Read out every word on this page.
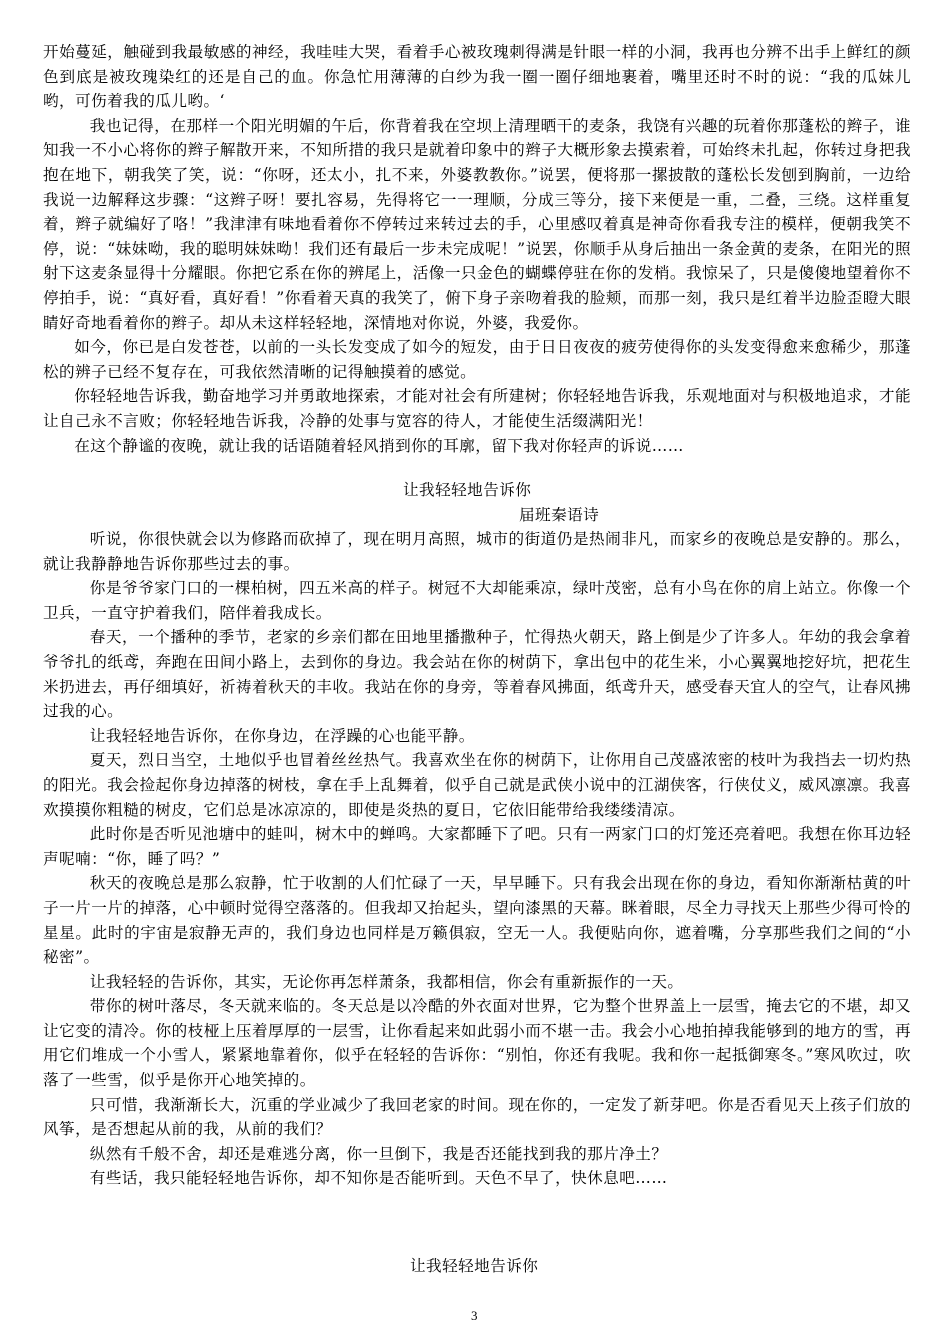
开始蔓延，触碰到我最敏感的神经，我哇哇大哭，看着手心被玫瑰刺得满是针眼一样的小洞，我再也分辨不出手上鲜红的颜色到底是被玫瑰染红的还是自己的血。你急忙用薄薄的白纱为我一圈一圈仔细地裹着，嘴里还时不时的说：“我的瓜妹儿哟，可伤着我的瓜儿哟。‘

我也记得，在那样一个阳光明媚的午后，你背着我在空坝上清理晒干的麦条，我饶有兴趣的玩着你那蓬松的辫子，谁知我一不小心将你的辫子解散开来，不知所措的我只是就着印象中的辫子大概形象去摸索着，可始终未扎起，你转过身把我抱在地下，朝我笑了笑，说：“你呀，还太小，扎不来，外婆教教你。”说罢，便将那一摞披散的蓬松长发刨到胸前，一边给我说一边解释这步骤：“这辫子呀！要扎容易，先得将它一一理顺，分成三等分，接下来便是一重，二叠，三绕。这样重复着，辫子就编好了咯！”我津津有味地看着你不停转过来转过去的手，心里感叹着真是神奇你看我专注的模样，便朝我笑不停，说：“妹妹呦，我的聪明妹妹呦！我们还有最后一步未完成呢！”说罢，你顺手从身后抽出一条金黄的麦条，在阳光的照射下这麦条显得十分耀眼。你把它系在你的辨尾上，活像一只金色的蝴蝶停驻在你的发梢。我惊呆了，只是傻傻地望着你不停拍手，说：“真好看，真好看！”你看着天真的我笑了，俯下身子亲吻着我的脸颊，而那一刻，我只是红着半边脸歪瞪大眼睛好奇地看着你的辫子。却从未这样轻轻地，深情地对你说，外婆，我爱你。

如今，你已是白发苍苍，以前的一头长发变成了如今的短发，由于日日夜夜的疲劳使得你的头发变得愈来愈稀少，那蓬松的辨子已经不复存在，可我依然清晰的记得触摸着的感觉。

你轻轻地告诉我，勤奋地学习并勇敢地探索，才能对社会有所建树；你轻轻地告诉我，乐观地面对与积极地追求，才能让自己永不言败；你轻轻地告诉我，冷静的处事与宽容的待人，才能使生活缀满阳光！

在这个静谧的夜晚，就让我的话语随着轻风捎到你的耳廓，留下我对你轻声的诉说……

让我轻轻地告诉你
届班秦语诗

听说，你很快就会以为修路而砍掉了，现在明月高照，城市的街道仍是热闹非凡，而家乡的夜晚总是安静的。那么，就让我静静地告诉你那些过去的事。

你是爷爷家门口的一棵柏树，四五米高的样子。树冠不大却能乘凉，绿叶茂密，总有小鸟在你的肩上站立。你像一个卫兵，一直守护着我们，陪伴着我成长。

春天，一个播种的季节，老家的乡亲们都在田地里播撒种子，忙得热火朝天，路上倒是少了许多人。年幼的我会拿着爷爷扎的纸鸢，奔跑在田间小路上，去到你的身边。我会站在你的树荫下，拿出包中的花生米，小心翼翼地挖好坑，把花生米扔进去，再仔细填好，祈祷着秋天的丰收。我站在你的身旁，等着春风拂面，纸鸢升天，感受春天宜人的空气，让春风拂过我的心。

让我轻轻地告诉你，在你身边，在浮躁的心也能平静。

夏天，烈日当空，土地似乎也冒着丝丝热气。我喜欢坐在你的树荫下，让你用自己茂盛浓密的枝叶为我挡去一切灼热的阳光。我会捡起你身边掉落的树枝，拿在手上乱舞着，似乎自己就是武侠小说中的江湖侠客，行侠仗义，威风凛凛。我喜欢摸摸你粗糙的树皮，它们总是冰凉凉的，即使是炎热的夏日，它依旧能带给我缕缕清凉。

此时你是否听见池塘中的蛙叫，树木中的蝉鸣。大家都睡下了吧。只有一两家门口的灯笼还亮着吧。我想在你耳边轻声呢喃：“你，睡了吗？”

秋天的夜晚总是那么寂静，忙于收割的人们忙碌了一天，早早睡下。只有我会出现在你的身边，看知你渐渐枯黄的叶子一片一片的掉落，心中顿时觉得空落落的。但我却又抬起头，望向漆黑的天幕。眯着眼，尽全力寻找天上那些少得可怜的星星。此时的宇宙是寂静无声的，我们身边也同样是万籁俱寂，空无一人。我便贴向你，遮着嘴，分享那些我们之间的“小秘密”。

让我轻轻的告诉你，其实，无论你再怎样萧条，我都相信，你会有重新振作的一天。

带你的树叶落尽，冬天就来临的。冬天总是以冷酷的外衣面对世界，它为整个世界盖上一层雪，掩去它的不堪，却又让它变的清冷。你的枝桠上压着厚厚的一层雪，让你看起来如此弱小而不堪一击。我会小心地拍掉我能够到的地方的雪，再用它们堆成一个小雪人，紧紧地靠着你，似乎在轻轻的告诉你：“别怕，你还有我呢。我和你一起抵御寒冬。”寒风吹过，吹落了一些雪，似乎是你开心地笑掉的。

只可惜，我渐渐长大，沉重的学业减少了我回老家的时间。现在你的，一定发了新芽吧。你是否看见天上孩子们放的风筝，是否想起从前的我，从前的我们？

纵然有千般不舍，却还是难逃分离，你一旦倒下，我是否还能找到我的那片净土？

有些话，我只能轻轻地告诉你，却不知你是否能听到。天色不早了，快休息吧……

让我轻轻地告诉你
3
